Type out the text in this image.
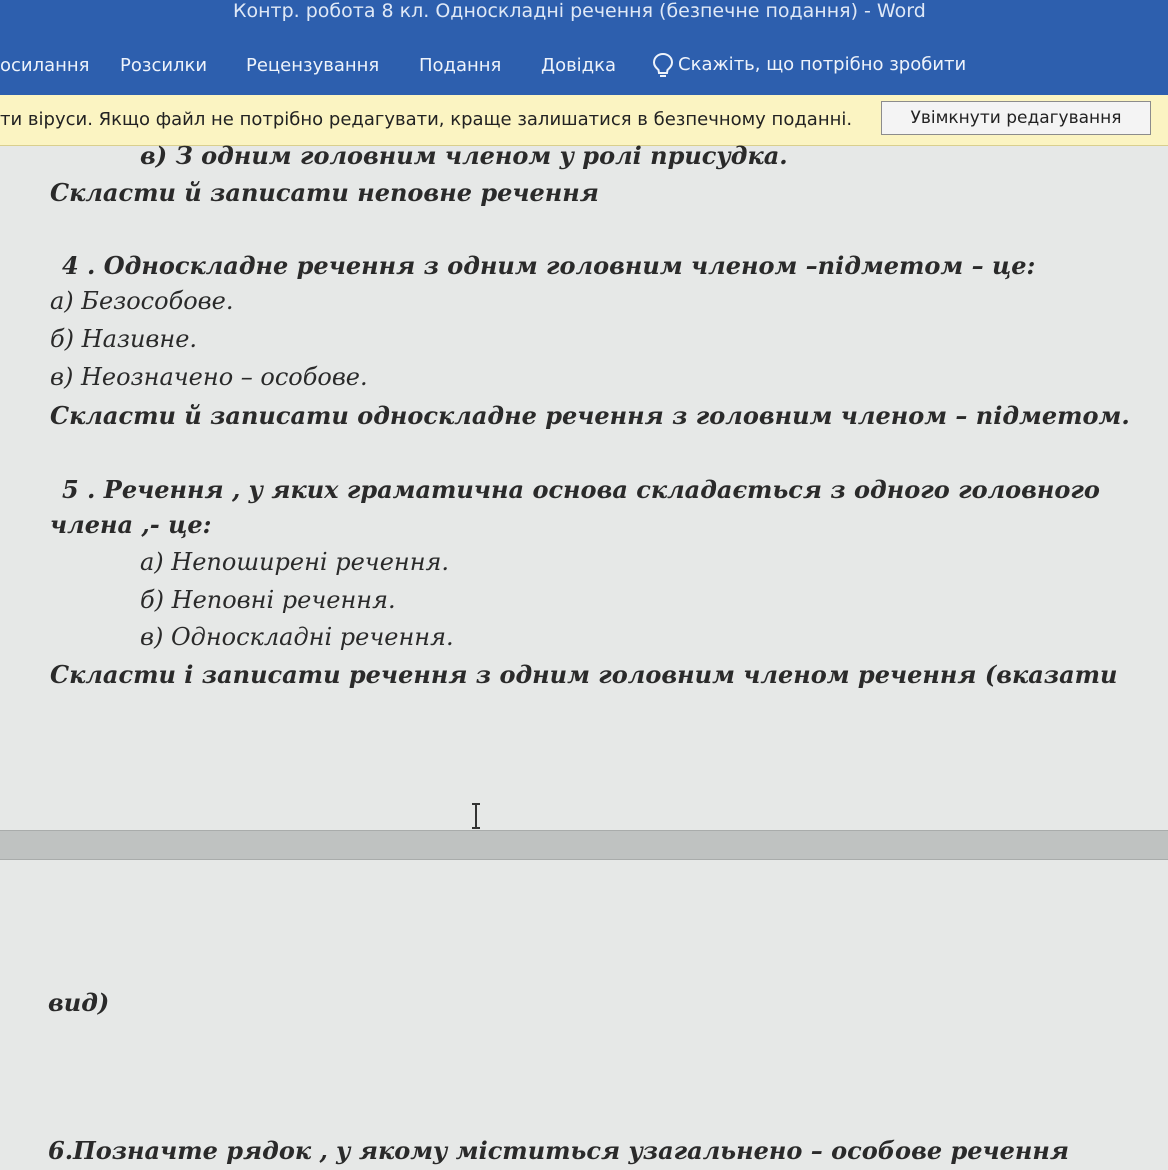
Контр. робота 8 кл. Односкладні речення (безпечне подання) - Word
осилання Розсилки Рецензування Подання Довідка	Скажіть, що потрібно зробити
ти віруси. Якщо файл не потрібно редагувати, краще залишатися в безпечному поданні.	Увімкнути редагування
в) З одним головним членом у ролі присудка.
Скласти й записати неповне речення
4 . Односкладне речення з одним головним членом –підметом – це:
а) Безособове.
б) Називне.
в) Неозначено – особове.
Скласти й записати односкладне речення з головним членом – підметом.
5 . Речення , у яких граматична основа складається з одного головного
члена ,- це:
а) Непоширені речення.
б) Неповні речення.
в) Односкладні речення.
Скласти і записати речення з одним головним членом речення (вказати
вид)
6.Позначте рядок , у якому міститься узагальнено – особове речення
